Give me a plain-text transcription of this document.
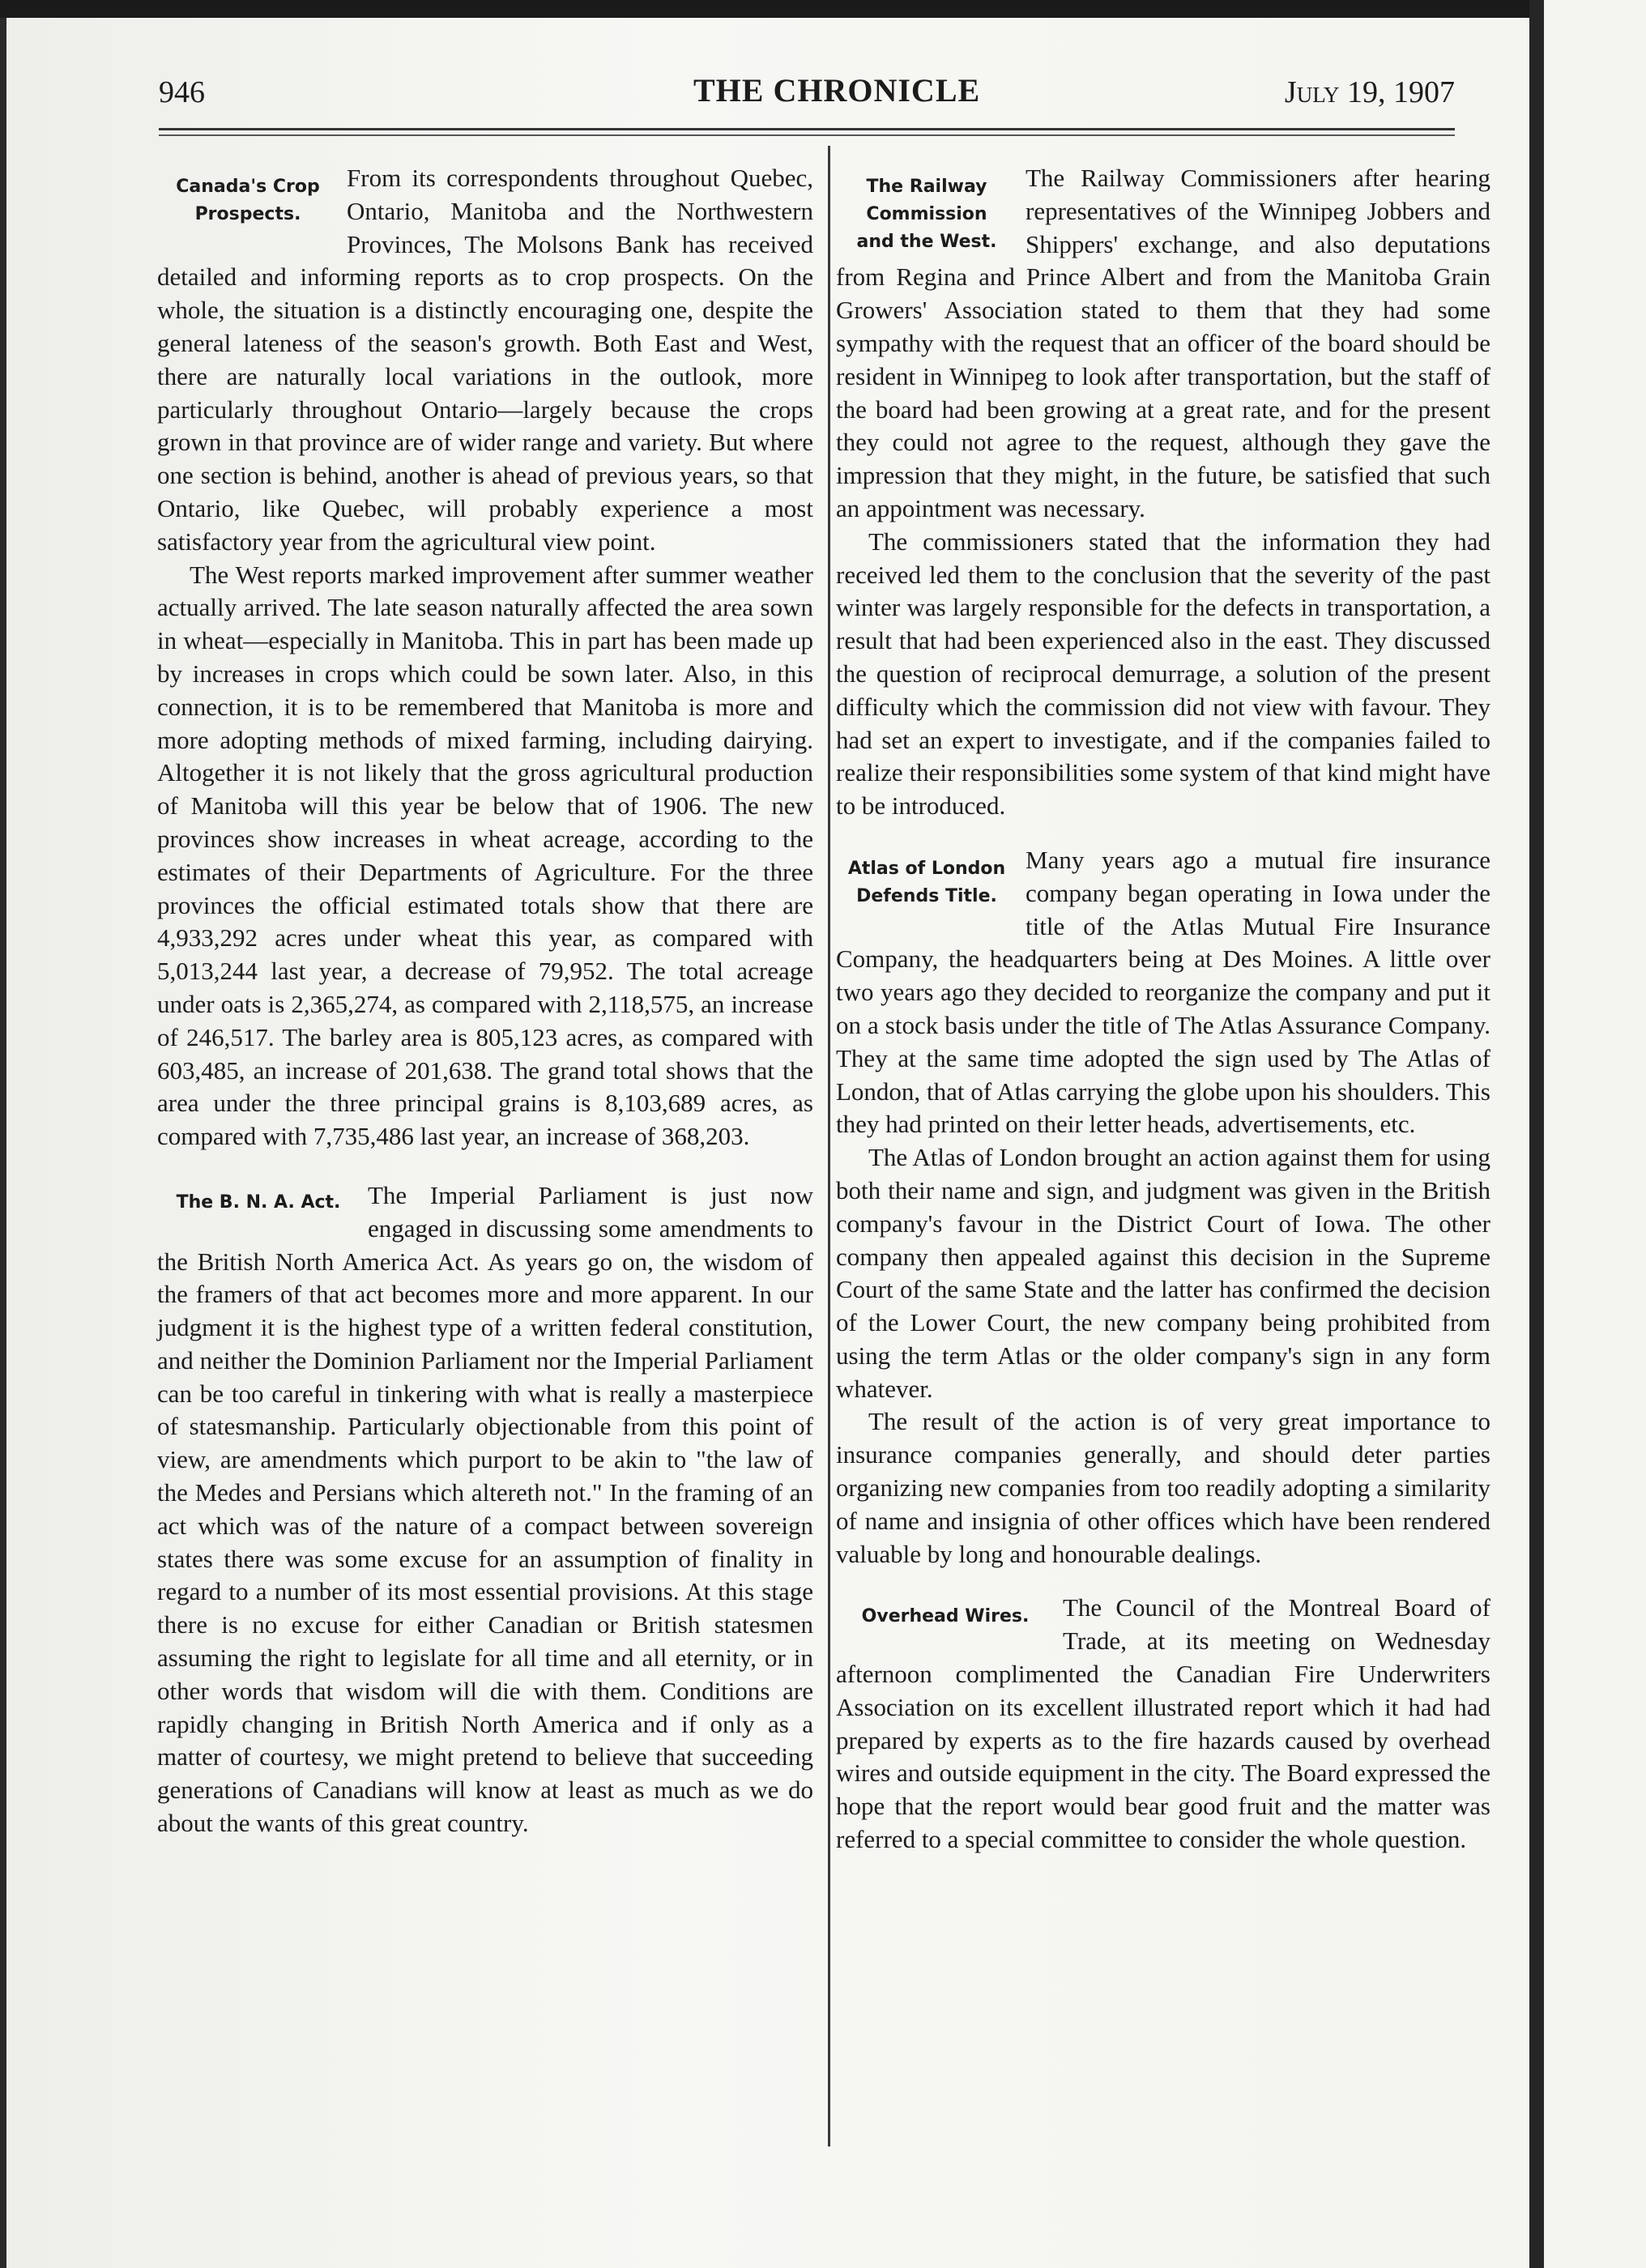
946	THE CHRONICLE	July 19, 1907
Canada's Crop
Prospects.

From its correspondents throughout Quebec, Ontario, Manitoba and the Northwestern Provinces, The Molsons Bank has received detailed and informing reports as to crop prospects. On the whole, the situation is a distinctly encouraging one, despite the general lateness of the season's growth. Both East and West, there are naturally local variations in the outlook, more particularly throughout Ontario—largely because the crops grown in that province are of wider range and variety. But where one section is behind, another is ahead of previous years, so that Ontario, like Quebec, will probably experience a most satisfactory year from the agricultural view point.

The West reports marked improvement after summer weather actually arrived. The late season naturally affected the area sown in wheat—especially in Manitoba. This in part has been made up by increases in crops which could be sown later. Also, in this connection, it is to be remembered that Manitoba is more and more adopting methods of mixed farming, including dairying. Altogether it is not likely that the gross agricultural production of Manitoba will this year be below that of 1906. The new provinces show increases in wheat acreage, according to the estimates of their Departments of Agriculture. For the three provinces the official estimated totals show that there are 4,933,292 acres under wheat this year, as compared with 5,013,244 last year, a decrease of 79,952. The total acreage under oats is 2,365,274, as compared with 2,118,575, an increase of 246,517. The barley area is 805,123 acres, as compared with 603,485, an increase of 201,638. The grand total shows that the area under the three principal grains is 8,103,689 acres, as compared with 7,735,486 last year, an increase of 368,203.

The B. N. A. Act.	The Imperial Parliament is just now engaged in discussing some amendments to the British North America Act. As years go on, the wisdom of the framers of that act becomes more and more apparent. In our judgment it is the highest type of a written federal constitution, and neither the Dominion Parliament nor the Imperial Parliament can be too careful in tinkering with what is really a masterpiece of statesmanship. Particularly objectionable from this point of view, are amendments which purport to be akin to "the law of the Medes and Persians which altereth not." In the framing of an act which was of the nature of a compact between sovereign states there was some excuse for an assumption of finality in regard to a number of its most essential provisions. At this stage there is no excuse for either Canadian or British statesmen assuming the right to legislate for all time and all eternity, or in other words that wisdom will die with them. Conditions are rapidly changing in British North America and if only as a matter of courtesy, we might pretend to believe that succeeding generations of Canadians will know at least as much as we do about the wants of this great country.

The Railway
Commission
and the West.

The Railway Commissioners after hearing representatives of the Winnipeg Jobbers and Shippers' exchange, and also deputations from Regina and Prince Albert and from the Manitoba Grain Growers' Association stated to them that they had some sympathy with the request that an officer of the board should be resident in Winnipeg to look after transportation, but the staff of the board had been growing at a great rate, and for the present they could not agree to the request, although they gave the impression that they might, in the future, be satisfied that such an appointment was necessary.

The commissioners stated that the information they had received led them to the conclusion that the severity of the past winter was largely responsible for the defects in transportation, a result that had been experienced also in the east. They discussed the question of reciprocal demurrage, a solution of the present difficulty which the commission did not view with favour. They had set an expert to investigate, and if the companies failed to realize their responsibilities some system of that kind might have to be introduced.

Atlas of London
Defends Title.

Many years ago a mutual fire insurance company began operating in Iowa under the title of the Atlas Mutual Fire Insurance Company, the headquarters being at Des Moines. A little over two years ago they decided to reorganize the company and put it on a stock basis under the title of The Atlas Assurance Company. They at the same time adopted the sign used by The Atlas of London, that of Atlas carrying the globe upon his shoulders. This they had printed on their letter heads, advertisements, etc.

The Atlas of London brought an action against them for using both their name and sign, and judgment was given in the British company's favour in the District Court of Iowa. The other company then appealed against this decision in the Supreme Court of the same State and the latter has confirmed the decision of the Lower Court, the new company being prohibited from using the term Atlas or the older company's sign in any form whatever.

The result of the action is of very great importance to insurance companies generally, and should deter parties organizing new companies from too readily adopting a similarity of name and insignia of other offices which have been rendered valuable by long and honourable dealings.

Overhead Wires.	The Council of the Montreal Board of Trade, at its meeting on Wednesday afternoon complimented the Canadian Fire Underwriters Association on its excellent illustrated report which it had had prepared by experts as to the fire hazards caused by overhead wires and outside equipment in the city. The Board expressed the hope that the report would bear good fruit and the matter was referred to a special committee to consider the whole question.
